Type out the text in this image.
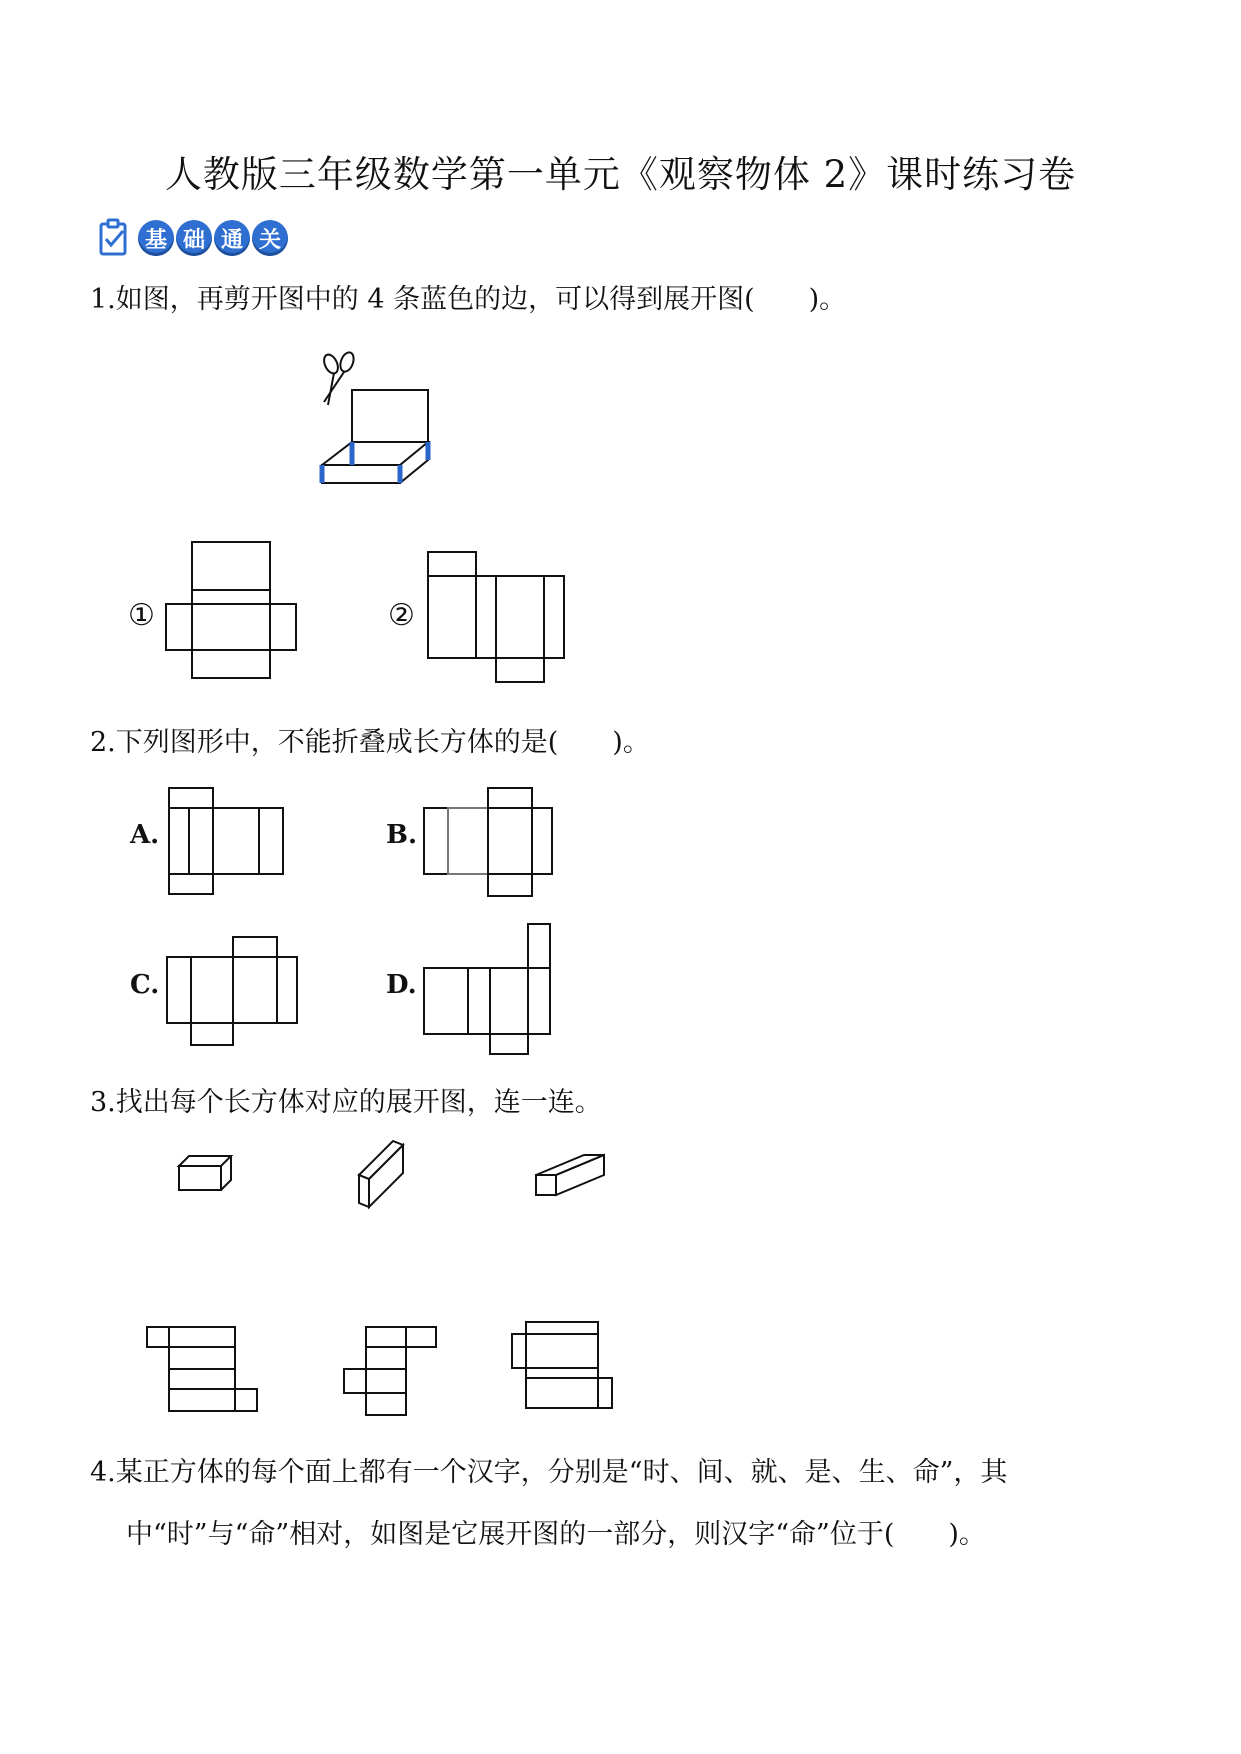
人教版三年级数学第一单元《观察物体 2》课时练习卷
基 础 通 关
1.如图，再剪开图中的 4 条蓝色的边，可以得到展开图(　　)。
①	②
2.下列图形中，不能折叠成长方体的是(　　)。
A.	B.
C.	D.
3.找出每个长方体对应的展开图，连一连。
4.某正方体的每个面上都有一个汉字，分别是“时、间、就、是、生、命”，其
中“时”与“命”相对，如图是它展开图的一部分，则汉字“命”位于(　　)。
